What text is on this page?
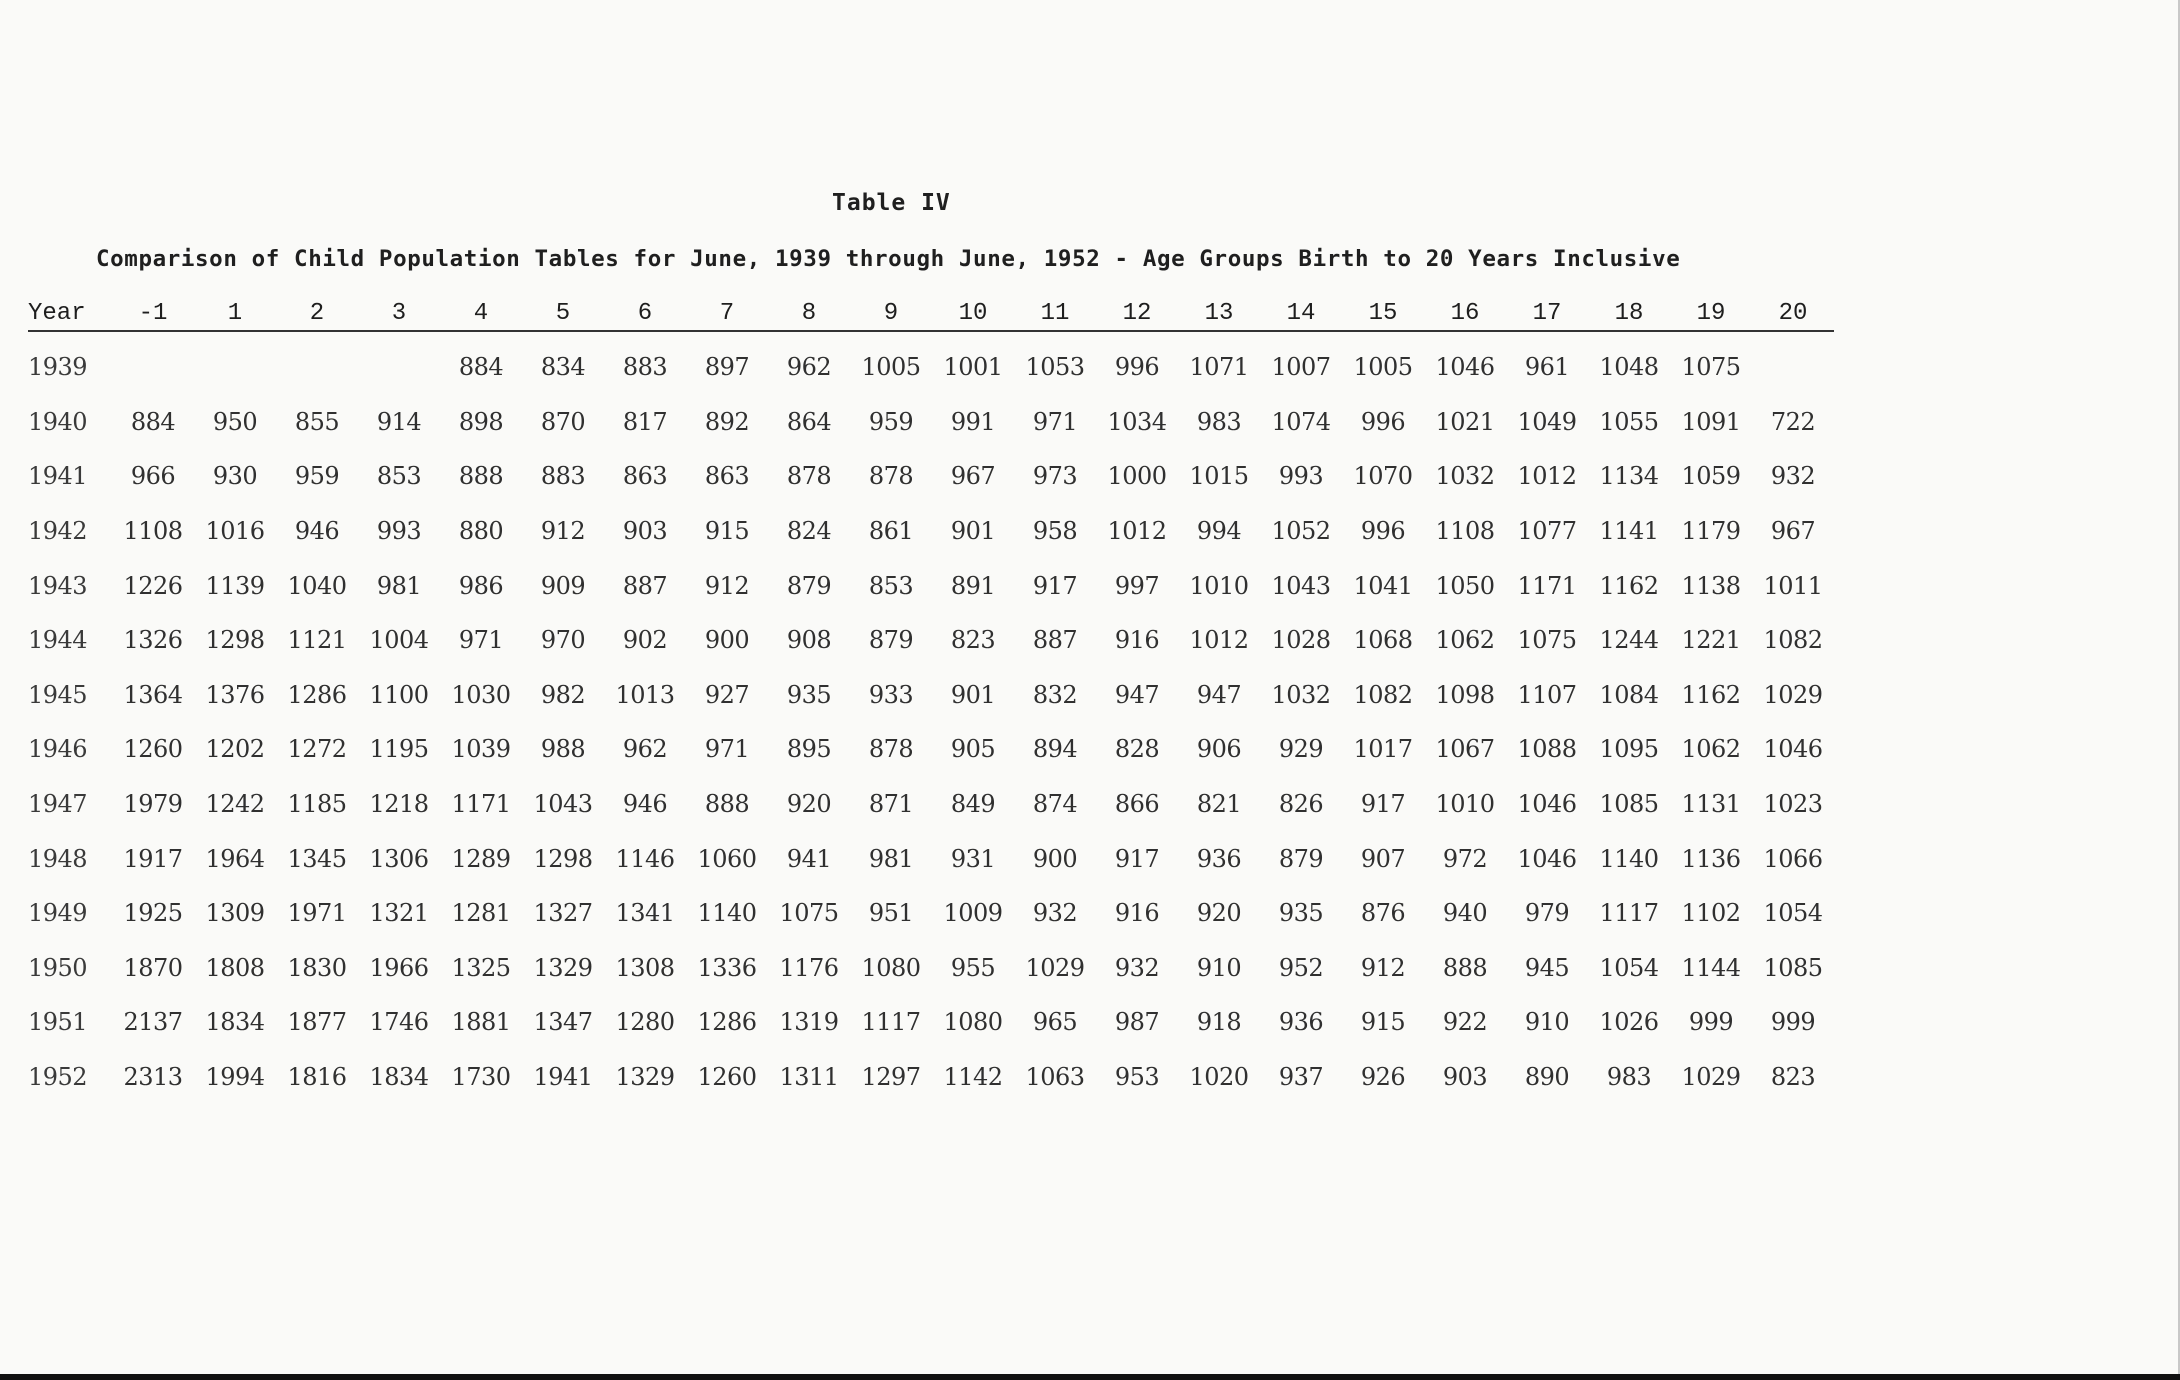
Table IV
Comparison of Child Population Tables for June, 1939 through June, 1952 - Age Groups Birth to 20 Years Inclusive
Year	-1	1	2	3	4	5	6	7	8	9	10	11	12	13	14	15	16	17	18	19	20
1939					884	834	883	897	962	1005	1001	1053	996	1071	1007	1005	1046	961	1048	1075	
1940	884	950	855	914	898	870	817	892	864	959	991	971	1034	983	1074	996	1021	1049	1055	1091	722
1941	966	930	959	853	888	883	863	863	878	878	967	973	1000	1015	993	1070	1032	1012	1134	1059	932
1942	1108	1016	946	993	880	912	903	915	824	861	901	958	1012	994	1052	996	1108	1077	1141	1179	967
1943	1226	1139	1040	981	986	909	887	912	879	853	891	917	997	1010	1043	1041	1050	1171	1162	1138	1011
1944	1326	1298	1121	1004	971	970	902	900	908	879	823	887	916	1012	1028	1068	1062	1075	1244	1221	1082
1945	1364	1376	1286	1100	1030	982	1013	927	935	933	901	832	947	947	1032	1082	1098	1107	1084	1162	1029
1946	1260	1202	1272	1195	1039	988	962	971	895	878	905	894	828	906	929	1017	1067	1088	1095	1062	1046
1947	1979	1242	1185	1218	1171	1043	946	888	920	871	849	874	866	821	826	917	1010	1046	1085	1131	1023
1948	1917	1964	1345	1306	1289	1298	1146	1060	941	981	931	900	917	936	879	907	972	1046	1140	1136	1066
1949	1925	1309	1971	1321	1281	1327	1341	1140	1075	951	1009	932	916	920	935	876	940	979	1117	1102	1054
1950	1870	1808	1830	1966	1325	1329	1308	1336	1176	1080	955	1029	932	910	952	912	888	945	1054	1144	1085
1951	2137	1834	1877	1746	1881	1347	1280	1286	1319	1117	1080	965	987	918	936	915	922	910	1026	999	999
1952	2313	1994	1816	1834	1730	1941	1329	1260	1311	1297	1142	1063	953	1020	937	926	903	890	983	1029	823
